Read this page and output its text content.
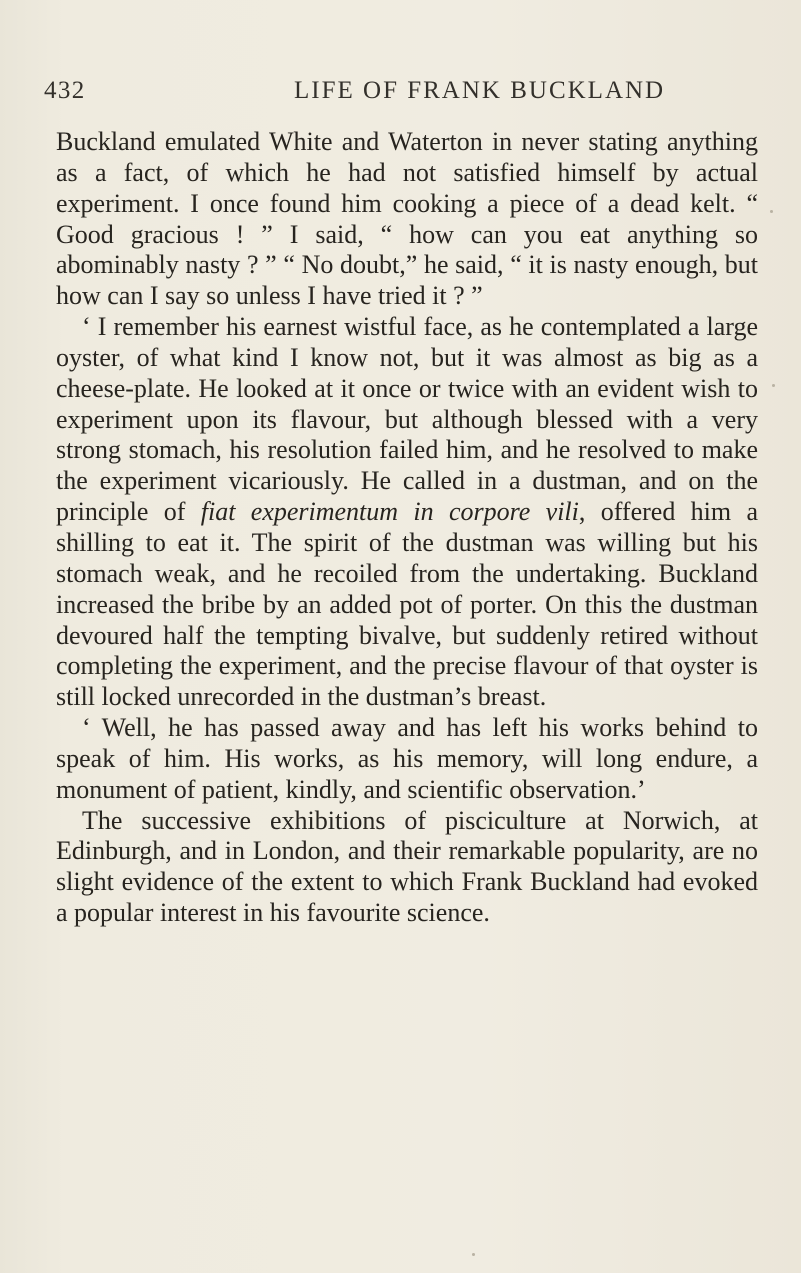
432	LIFE OF FRANK BUCKLAND

Buckland emulated White and Waterton in never stating anything as a fact, of which he had not satisfied himself by actual experiment. I once found him cooking a piece of a dead kelt. “ Good gracious ! ” I said, “ how can you eat anything so abominably nasty ? ” “ No doubt,” he said, “ it is nasty enough, but how can I say so unless I have tried it ? ”

‘ I remember his earnest wistful face, as he contemplated a large oyster, of what kind I know not, but it was almost as big as a cheese-plate. He looked at it once or twice with an evident wish to experiment upon its flavour, but although blessed with a very strong stomach, his resolution failed him, and he resolved to make the experiment vicariously. He called in a dustman, and on the principle of fiat experimentum in corpore vili, offered him a shilling to eat it. The spirit of the dustman was willing but his stomach weak, and he recoiled from the undertaking. Buckland increased the bribe by an added pot of porter. On this the dustman devoured half the tempting bivalve, but suddenly retired without completing the experiment, and the precise flavour of that oyster is still locked unrecorded in the dustman’s breast.

‘ Well, he has passed away and has left his works behind to speak of him. His works, as his memory, will long endure, a monument of patient, kindly, and scientific observation.’

The successive exhibitions of pisciculture at Norwich, at Edinburgh, and in London, and their remarkable popularity, are no slight evidence of the extent to which Frank Buckland had evoked a popular interest in his favourite science.
